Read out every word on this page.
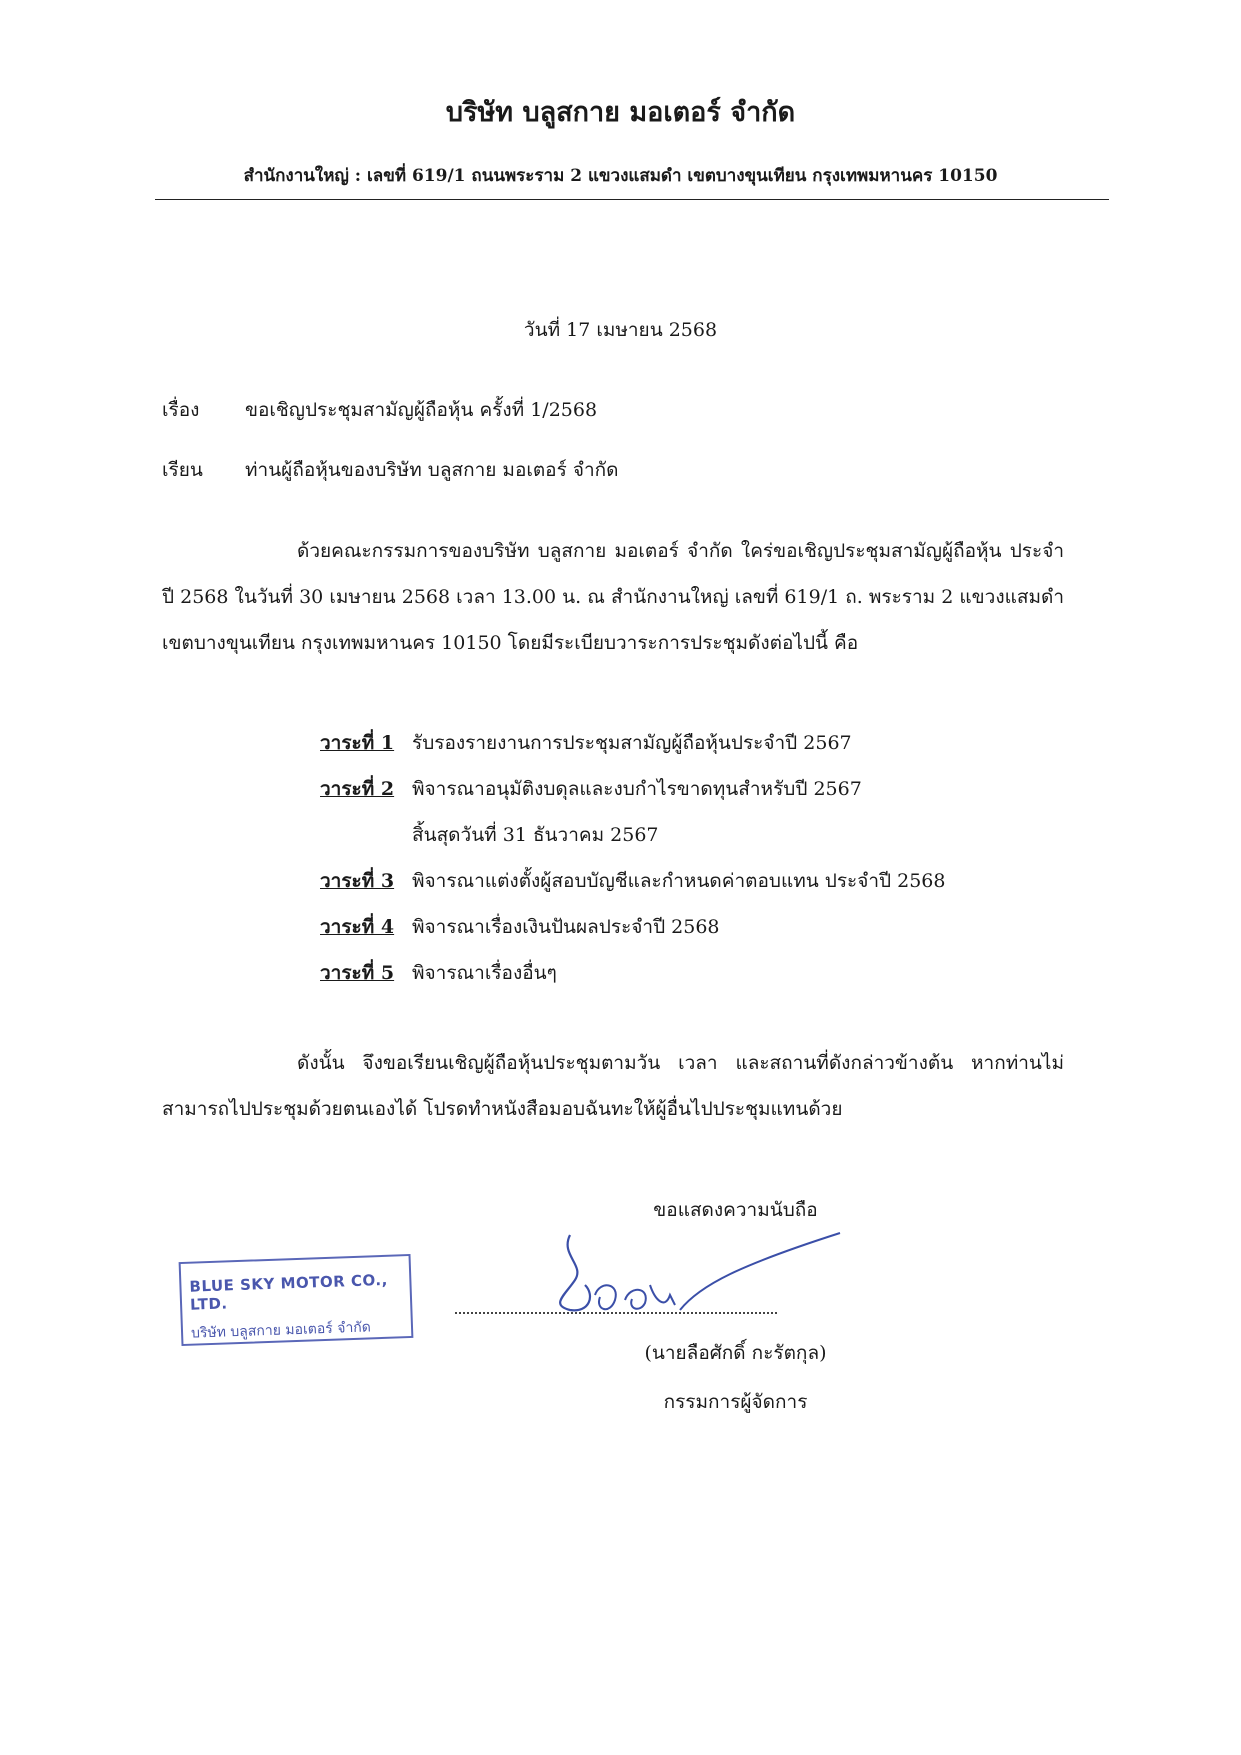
บริษัท บลูสกาย มอเตอร์ จำกัด
สำนักงานใหญ่ : เลขที่ 619/1 ถนนพระราม 2 แขวงแสมดำ เขตบางขุนเทียน กรุงเทพมหานคร 10150
วันที่ 17 เมษายน 2568
เรื่อง ขอเชิญประชุมสามัญผู้ถือหุ้น ครั้งที่ 1/2568
เรียน ท่านผู้ถือหุ้นของบริษัท บลูสกาย มอเตอร์ จำกัด
ด้วยคณะกรรมการของบริษัท บลูสกาย มอเตอร์ จำกัด ใคร่ขอเชิญประชุมสามัญผู้ถือหุ้น ประจำปี 2568 ในวันที่ 30 เมษายน 2568 เวลา 13.00 น. ณ สำนักงานใหญ่ เลขที่ 619/1 ถ. พระราม 2 แขวงแสมดำ เขตบางขุนเทียน กรุงเทพมหานคร 10150 โดยมีระเบียบวาระการประชุมดังต่อไปนี้ คือ
วาระที่ 1 รับรองรายงานการประชุมสามัญผู้ถือหุ้นประจำปี 2567
วาระที่ 2 พิจารณาอนุมัติงบดุลและงบกำไรขาดทุนสำหรับปี 2567
สิ้นสุดวันที่ 31 ธันวาคม 2567
วาระที่ 3 พิจารณาแต่งตั้งผู้สอบบัญชีและกำหนดค่าตอบแทน ประจำปี 2568
วาระที่ 4 พิจารณาเรื่องเงินปันผลประจำปี 2568
วาระที่ 5 พิจารณาเรื่องอื่นๆ
ดังนั้น จึงขอเรียนเชิญผู้ถือหุ้นประชุมตามวัน เวลา และสถานที่ดังกล่าวข้างต้น หากท่านไม่สามารถไปประชุมด้วยตนเองได้ โปรดทำหนังสือมอบฉันทะให้ผู้อื่นไปประชุมแทนด้วย
ขอแสดงความนับถือ
(นายลือศักดิ์ กะรัตกุล)
กรรมการผู้จัดการ
BLUE SKY MOTOR CO., LTD.
บริษัท บลูสกาย มอเตอร์ จำกัด
